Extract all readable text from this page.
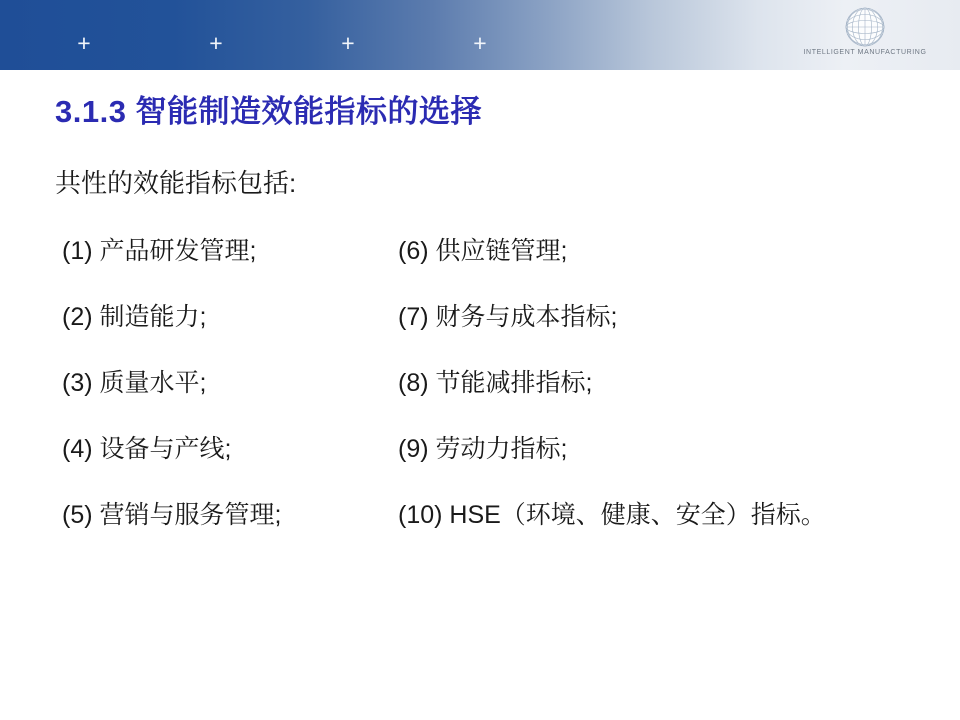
+	+	+	+	INTELLIGENT MANUFACTURING
3.1.3 智能制造效能指标的选择
共性的效能指标包括:
(1) 产品研发管理;
(2) 制造能力;
(3) 质量水平;
(4) 设备与产线;
(5) 营销与服务管理;
(6) 供应链管理;
(7) 财务与成本指标;
(8) 节能减排指标;
(9) 劳动力指标;
(10) HSE（环境、健康、安全）指标。
